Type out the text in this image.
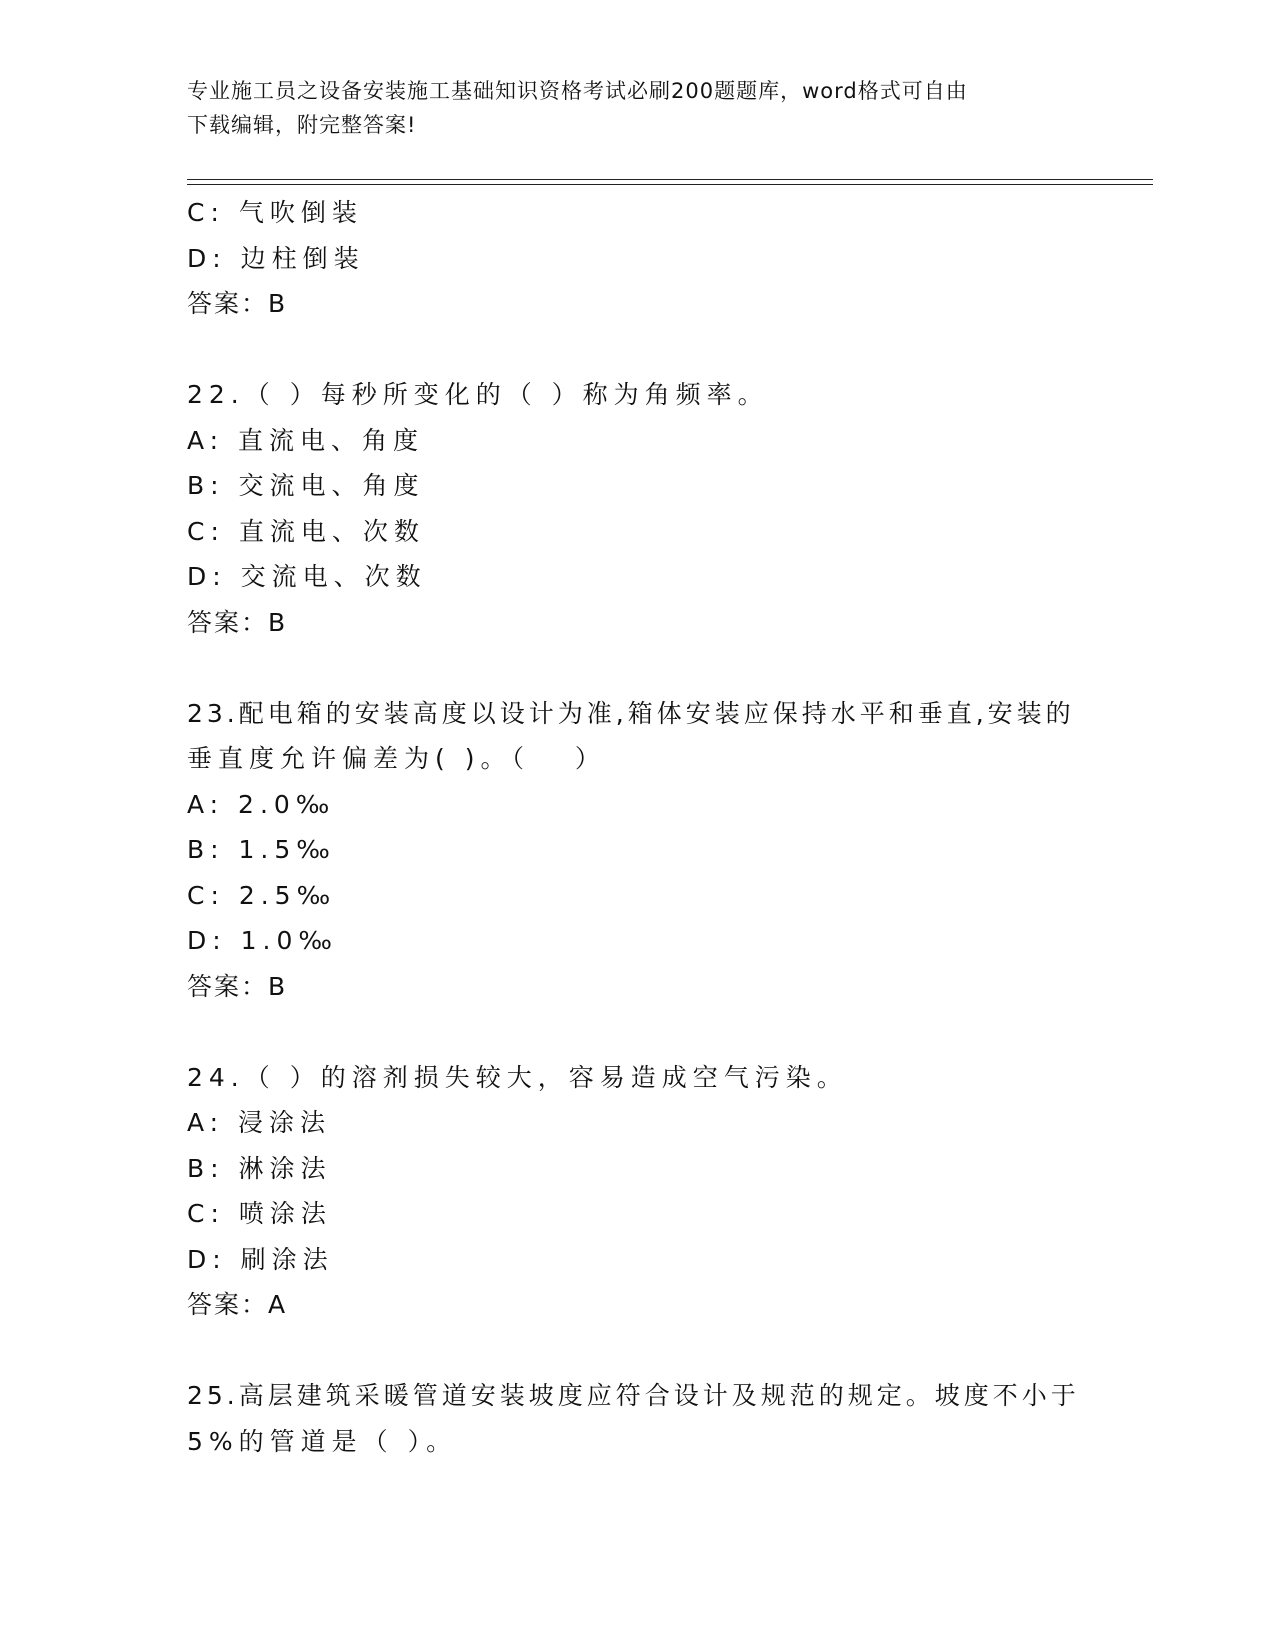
专业施工员之设备安装施工基础知识资格考试必刷200题题库，word格式可自由
下载编辑，附完整答案!
C: 气吹倒装
D: 边柱倒装
答案：B
22.（ ）每秒所变化的（ ）称为角频率。
A: 直流电、角度
B: 交流电、角度
C: 直流电、次数
D: 交流电、次数
答案：B
23.配电箱的安装高度以设计为准,箱体安装应保持水平和垂直,安装的
垂直度允许偏差为( )。（　 ）
A: 2.0‰
B: 1.5‰
C: 2.5‰
D: 1.0‰
答案：B
24.（ ）的溶剂损失较大，容易造成空气污染。
A: 浸涂法
B: 淋涂法
C: 喷涂法
D: 刷涂法
答案：A
25.高层建筑采暖管道安装坡度应符合设计及规范的规定。坡度不小于
5%的管道是（ ）。
